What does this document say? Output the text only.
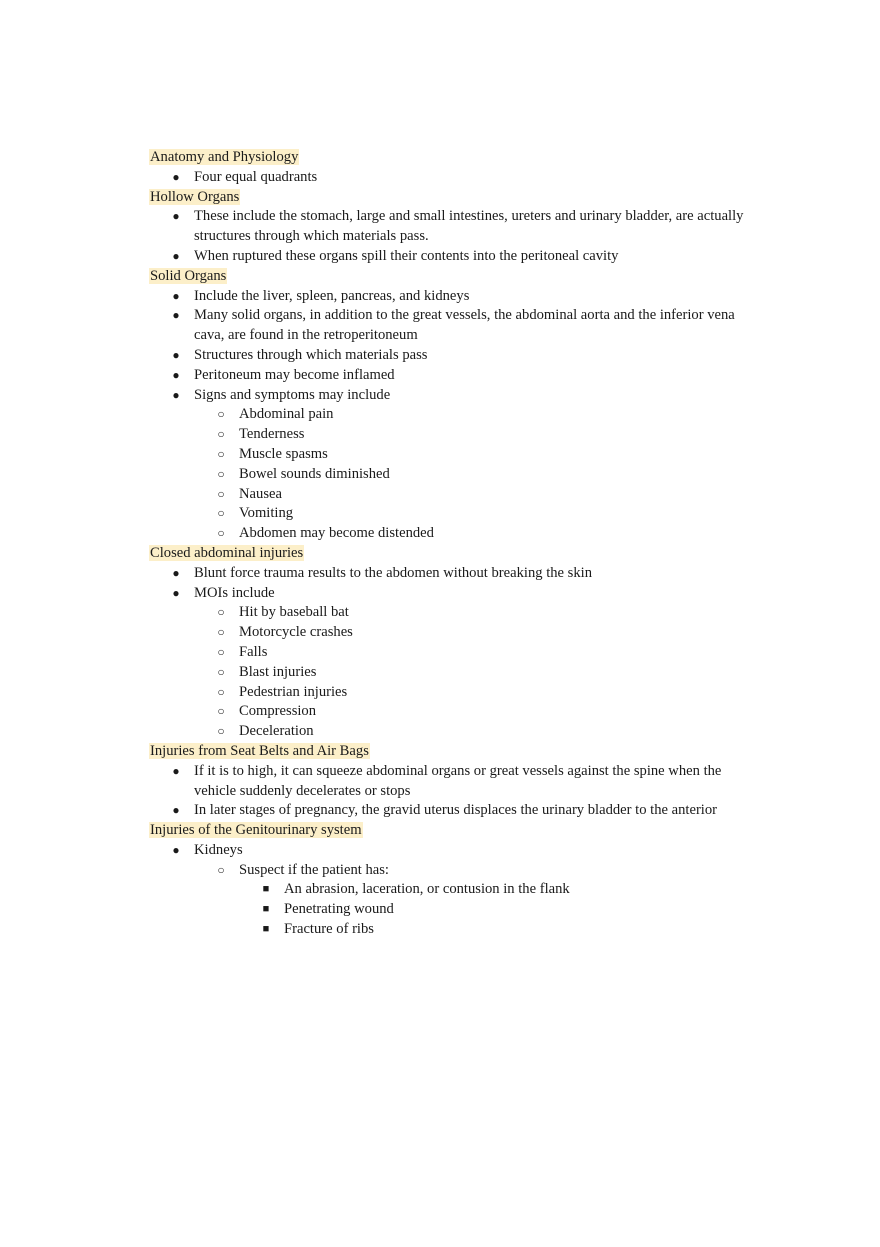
Anatomy and Physiology
● Four equal quadrants
Hollow Organs
● These include the stomach, large and small intestines, ureters and urinary bladder, are actually structures through which materials pass.
● When ruptured these organs spill their contents into the peritoneal cavity
Solid Organs
● Include the liver, spleen, pancreas, and kidneys
● Many solid organs, in addition to the great vessels, the abdominal aorta and the inferior vena cava, are found in the retroperitoneum
● Structures through which materials pass
● Peritoneum may become inflamed
● Signs and symptoms may include
○ Abdominal pain
○ Tenderness
○ Muscle spasms
○ Bowel sounds diminished
○ Nausea
○ Vomiting
○ Abdomen may become distended
Closed abdominal injuries
● Blunt force trauma results to the abdomen without breaking the skin
● MOIs include
○ Hit by baseball bat
○ Motorcycle crashes
○ Falls
○ Blast injuries
○ Pedestrian injuries
○ Compression
○ Deceleration
Injuries from Seat Belts and Air Bags
● If it is to high, it can squeeze abdominal organs or great vessels against the spine when the vehicle suddenly decelerates or stops
● In later stages of pregnancy, the gravid uterus displaces the urinary bladder to the anterior
Injuries of the Genitourinary system
● Kidneys
○ Suspect if the patient has:
■	An abrasion, laceration, or contusion in the flank
■	Penetrating wound
■	Fracture of ribs
